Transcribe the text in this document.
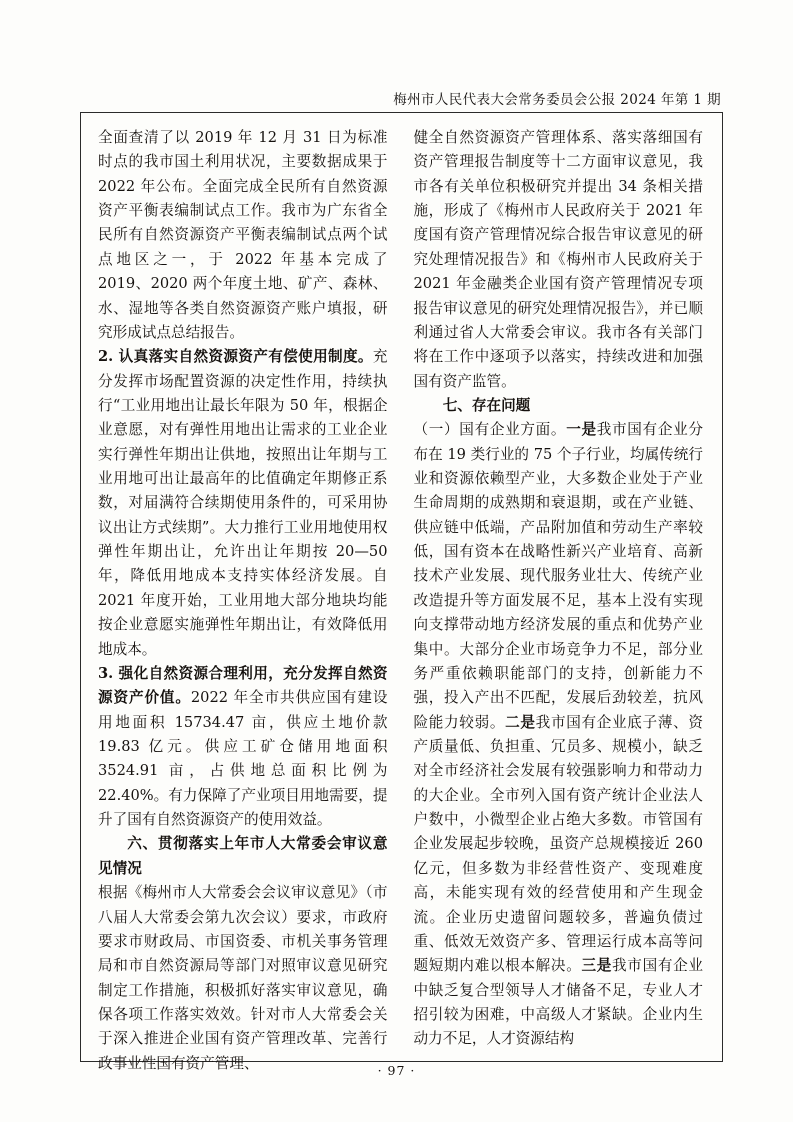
梅州市人民代表大会常务委员会公报 2024 年第 1 期

全面查清了以 2019 年 12 月 31 日为标准时点的我市国土利用状况，主要数据成果于 2022 年公布。全面完成全民所有自然资源资产平衡表编制试点工作。我市为广东省全民所有自然资源资产平衡表编制试点两个试点地区之一，于 2022 年基本完成了 2019、2020 两个年度土地、矿产、森林、水、湿地等各类自然资源资产账户填报，研究形成试点总结报告。

2. 认真落实自然资源资产有偿使用制度。充分发挥市场配置资源的决定性作用，持续执行“工业用地出让最长年限为 50 年，根据企业意愿，对有弹性用地出让需求的工业企业实行弹性年期出让供地，按照出让年期与工业用地可出让最高年的比值确定年期修正系数，对届满符合续期使用条件的，可采用协议出让方式续期”。大力推行工业用地使用权弹性年期出让，允许出让年期按 20—50 年，降低用地成本支持实体经济发展。自 2021 年度开始，工业用地大部分地块均能按企业意愿实施弹性年期出让，有效降低用地成本。

3. 强化自然资源合理利用，充分发挥自然资源资产价值。2022 年全市共供应国有建设用地面积 15734.47 亩，供应土地价款 19.83 亿元。供应工矿仓储用地面积 3524.91 亩，占供地总面积比例为 22.40%。有力保障了产业项目用地需要，提升了国有自然资源资产的使用效益。

六、贯彻落实上年市人大常委会审议意见情况

根据《梅州市人大常委会会议审议意见》（市八届人大常委会第九次会议）要求，市政府要求市财政局、市国资委、市机关事务管理局和市自然资源局等部门对照审议意见研究制定工作措施，积极抓好落实审议意见，确保各项工作落实效效。针对市人大常委会关于深入推进企业国有资产管理改革、完善行政事业性国有资产管理、

健全自然资源资产管理体系、落实落细国有资产管理报告制度等十二方面审议意见，我市各有关单位积极研究并提出 34 条相关措施，形成了《梅州市人民政府关于 2021 年度国有资产管理情况综合报告审议意见的研究处理情况报告》和《梅州市人民政府关于 2021 年金融类企业国有资产管理情况专项报告审议意见的研究处理情况报告》，并已顺利通过省人大常委会审议。我市各有关部门将在工作中逐项予以落实，持续改进和加强国有资产监管。

七、存在问题

（一）国有企业方面。一是我市国有企业分布在 19 类行业的 75 个子行业，均属传统行业和资源依赖型产业，大多数企业处于产业生命周期的成熟期和衰退期，或在产业链、供应链中低端，产品附加值和劳动生产率较低，国有资本在战略性新兴产业培育、高新技术产业发展、现代服务业壮大、传统产业改造提升等方面发展不足，基本上没有实现向支撑带动地方经济发展的重点和优势产业集中。大部分企业市场竞争力不足，部分业务严重依赖职能部门的支持，创新能力不强，投入产出不匹配，发展后劲较差，抗风险能力较弱。二是我市国有企业底子薄、资产质量低、负担重、冗员多、规模小，缺乏对全市经济社会发展有较强影响力和带动力的大企业。全市列入国有资产统计企业法人户数中，小微型企业占绝大多数。市管国有企业发展起步较晚，虽资产总规模接近 260 亿元，但多数为非经营性资产、变现难度高，未能实现有效的经营使用和产生现金流。企业历史遗留问题较多，普遍负债过重、低效无效资产多、管理运行成本高等问题短期内难以根本解决。三是我市国有企业中缺乏复合型领导人才储备不足，专业人才招引较为困难，中高级人才紧缺。企业内生动力不足，人才资源结构

· 97 ·
